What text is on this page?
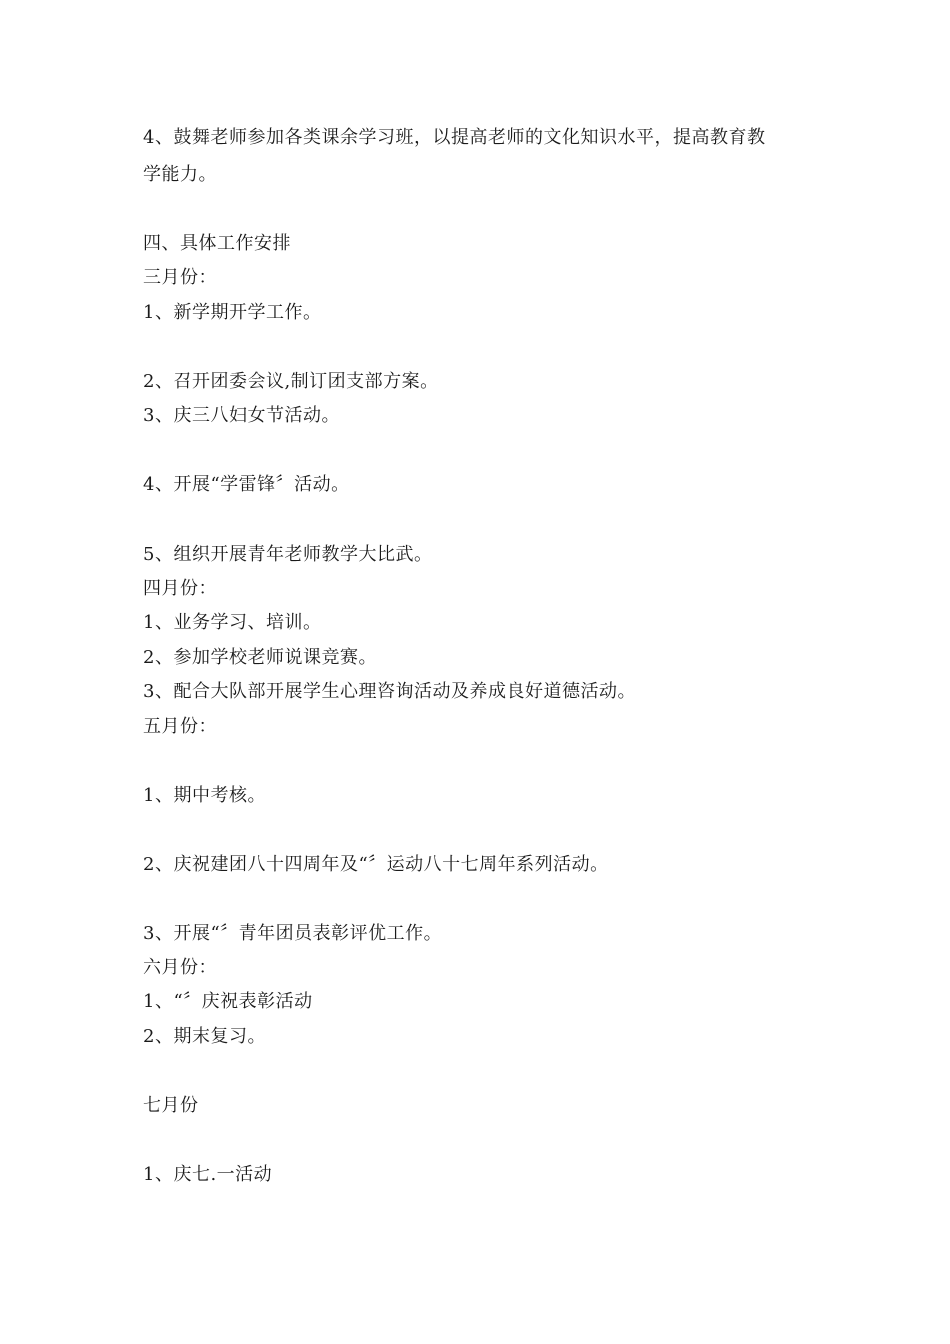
4、鼓舞老师参加各类课余学习班，以提高老师的文化知识水平，提高教育教
学能力。
四、具体工作安排
三月份：
1、新学期开学工作。
2、召开团委会议,制订团支部方案。
3、庆三八妇女节活动。
4、开展“学雷锋〞活动。
5、组织开展青年老师教学大比武。
四月份：
1、业务学习、培训。
2、参加学校老师说课竞赛。
3、配合大队部开展学生心理咨询活动及养成良好道德活动。
五月份：
1、期中考核。
2、庆祝建团八十四周年及“〞运动八十七周年系列活动。
3、开展“〞青年团员表彰评优工作。
六月份：
1、“〞庆祝表彰活动
2、期末复习。
七月份
1、庆七.一活动
